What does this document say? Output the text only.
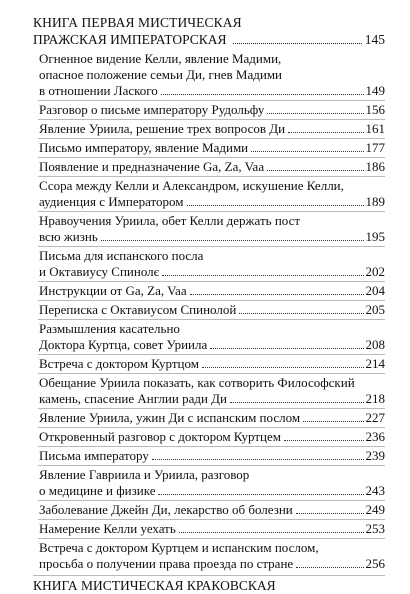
КНИГА ПЕРВАЯ МИСТИЧЕСКАЯ
ПРАЖСКАЯ ИМПЕРАТОРСКАЯ	145
Огненное видение Келли, явление Мадими,
опасное положение семьи Ди, гнев Мадими
в отношении Лаского	149
Разговор о письме императору Рудольфу	156
Явление Уриила, решение трех вопросов Ди	161
Письмо императору, явление Мадими	177
Появление и предназначение Ga, Za, Vaa	186
Ссора между Келли и Александром, искушение Келли,
аудиенция с Императором	189
Нравоучения Уриила, обет Келли держать пост
всю жизнь	195
Письма для испанского посла
и Октавиусу Спинолє	202
Инструкции от Ga, Za, Vaa	204
Переписка с Октавиусом Спинолой	205
Размышления касательно
Доктора Куртца, совет Уриила	208
Встреча с доктором Куртцом	214
Обещание Уриила показать, как сотворить Философский
камень, спасение Англии ради Ди	218
Явление Уриила, ужин Ди с испанским послом	227
Откровенный разговор с доктором Куртцем	236
Письма императору	239
Явление Гавриила и Уриила, разговор
о медицине и физике	243
Заболевание Джейн Ди, лекарство об болезни	249
Намерение Келли уехать	253
Встреча с доктором Куртцем и испанским послом,
просьба о получении права проезда по стране	256
КНИГА МИСТИЧЕСКАЯ КРАКОВСКАЯ
